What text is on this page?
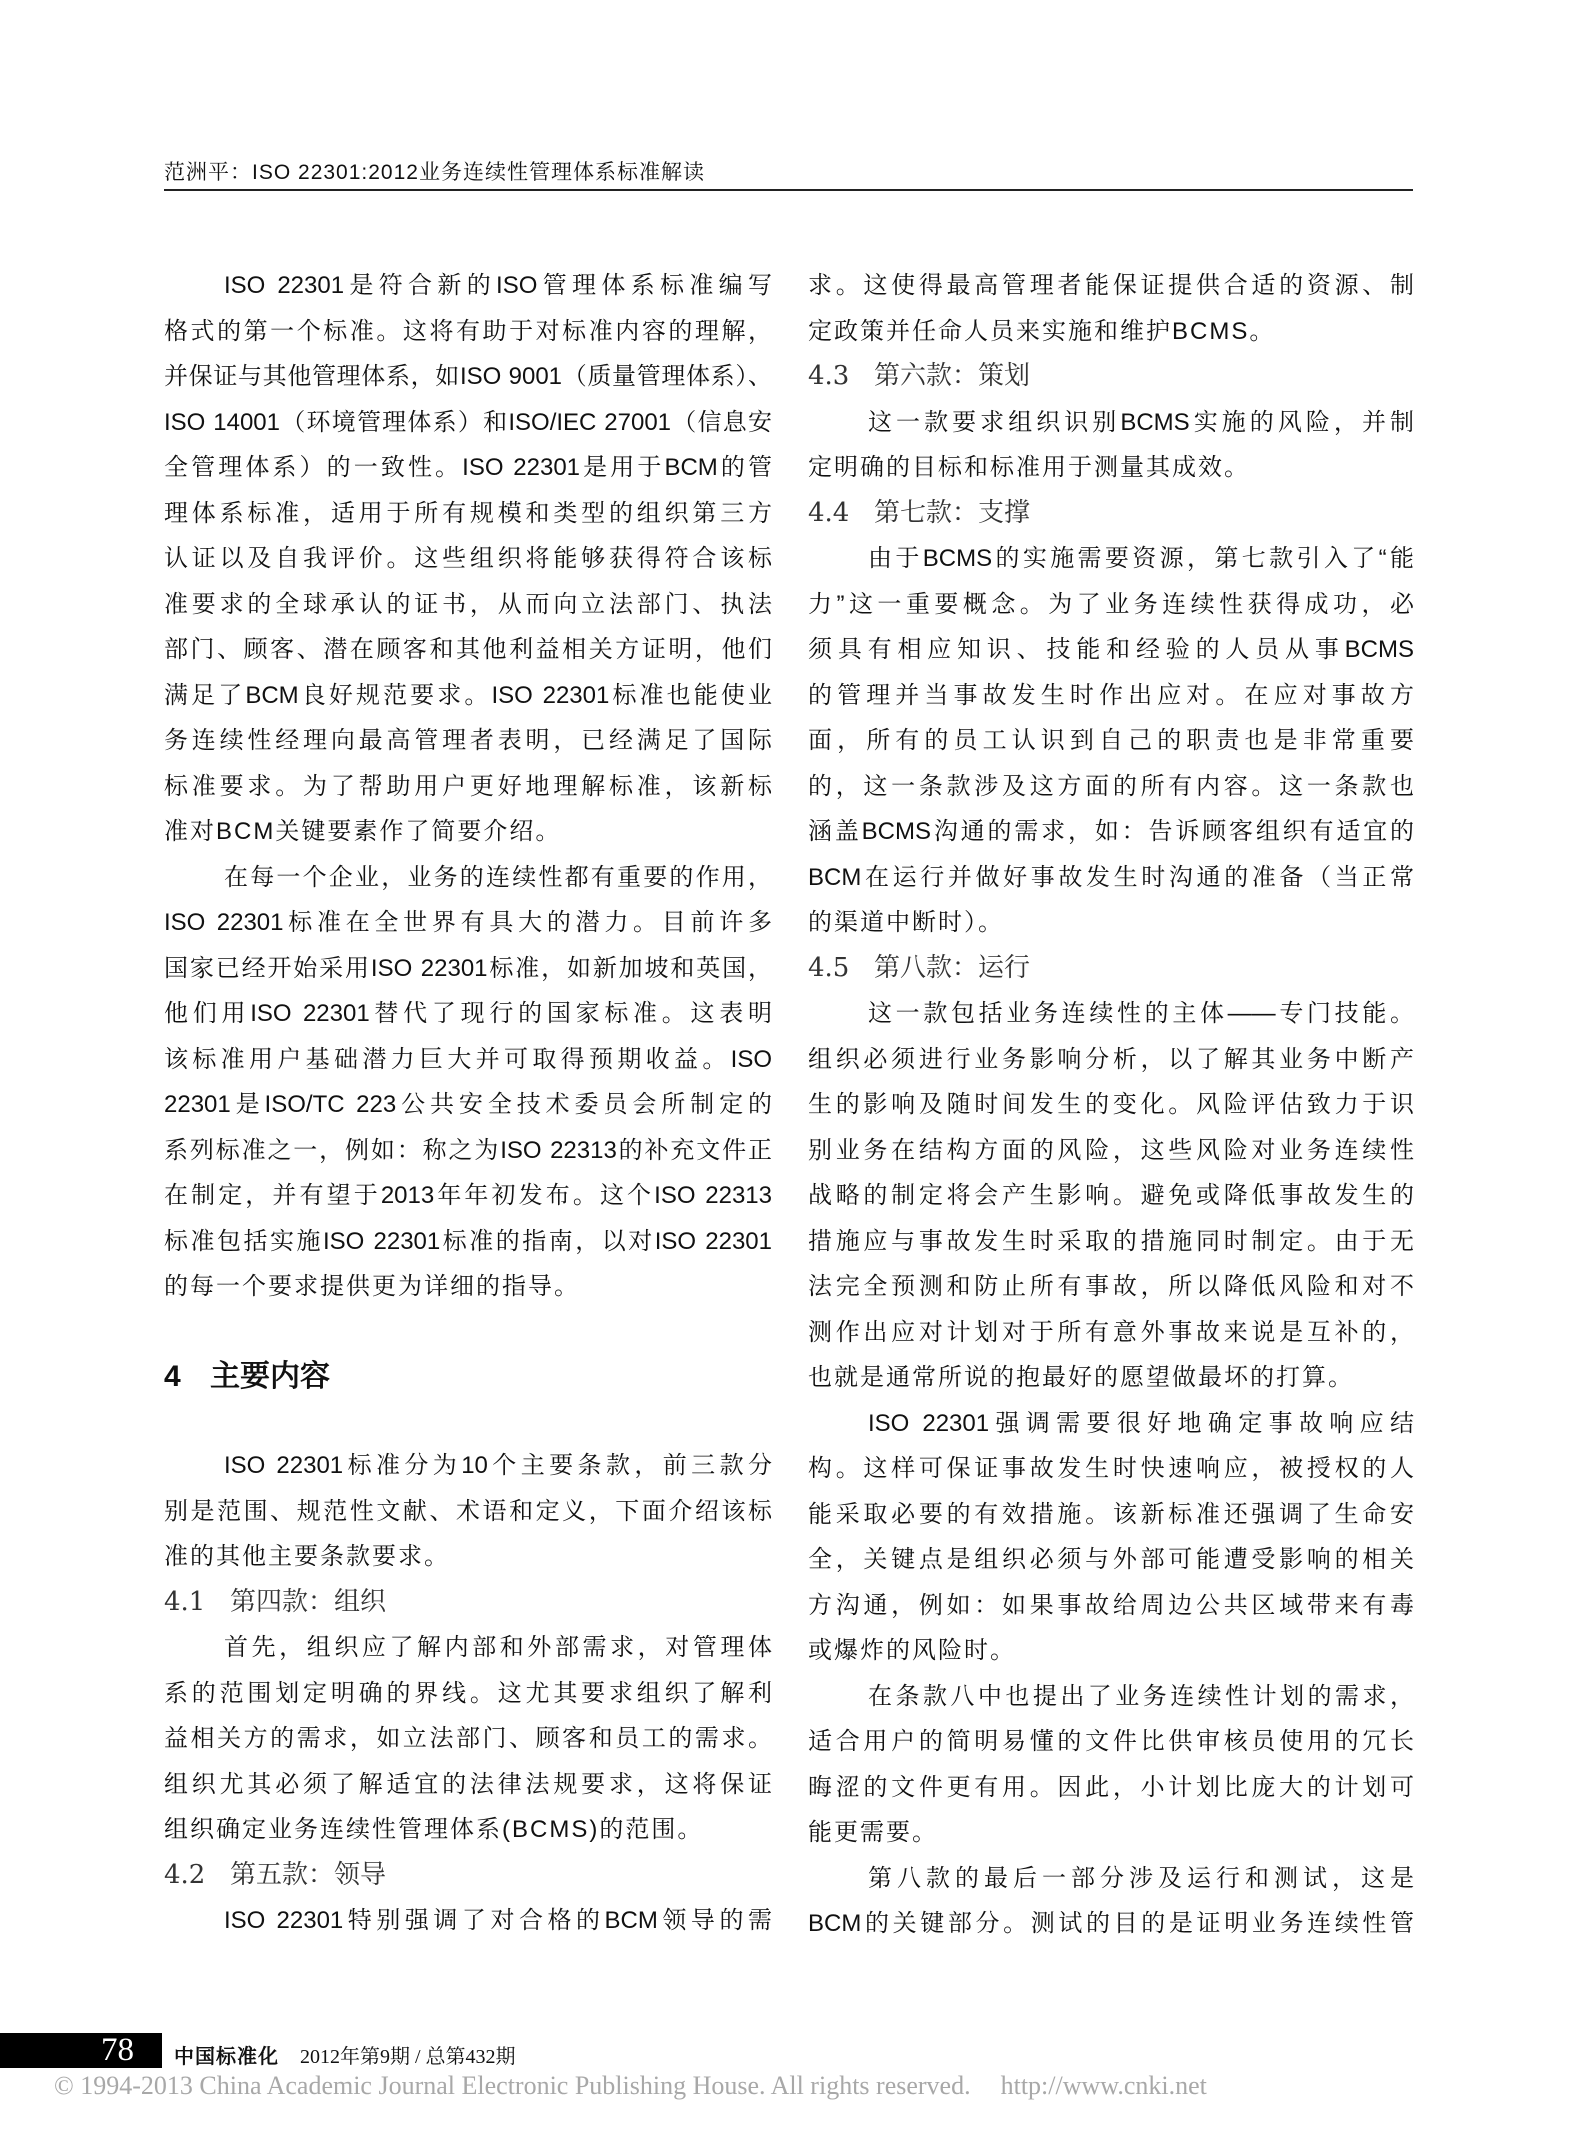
范洲平：ISO 22301:2012业务连续性管理体系标准解读
ISO 22301是符合新的ISO管理体系标准编写
格式的第一个标准。这将有助于对标准内容的理解，
并保证与其他管理体系，如ISO 9001（质量管理体系）、
ISO 14001（环境管理体系）和ISO/IEC 27001（信息安
全管理体系）的一致性。ISO 22301是用于BCM的管
理体系标准，适用于所有规模和类型的组织第三方
认证以及自我评价。这些组织将能够获得符合该标
准要求的全球承认的证书，从而向立法部门、执法
部门、顾客、潜在顾客和其他利益相关方证明，他们
满足了BCM良好规范要求。ISO 22301标准也能使业
务连续性经理向最高管理者表明，已经满足了国际
标准要求。为了帮助用户更好地理解标准，该新标
准对BCM关键要素作了简要介绍。
在每一个企业，业务的连续性都有重要的作用，
ISO 22301标准在全世界有具大的潜力。目前许多
国家已经开始采用ISO 22301标准，如新加坡和英国，
他们用ISO 22301替代了现行的国家标准。这表明
该标准用户基础潜力巨大并可取得预期收益。ISO
22301是ISO/TC 223公共安全技术委员会所制定的
系列标准之一，例如：称之为ISO 22313的补充文件正
在制定，并有望于2013年年初发布。这个ISO 22313
标准包括实施ISO 22301标准的指南，以对ISO 22301
的每一个要求提供更为详细的指导。
4 主要内容
ISO 22301标准分为10个主要条款，前三款分
别是范围、规范性文献、术语和定义，下面介绍该标
准的其他主要条款要求。
4.1 第四款：组织
首先，组织应了解内部和外部需求，对管理体
系的范围划定明确的界线。这尤其要求组织了解利
益相关方的需求，如立法部门、顾客和员工的需求。
组织尤其必须了解适宜的法律法规要求，这将保证
组织确定业务连续性管理体系(BCMS)的范围。
4.2 第五款：领导
ISO 22301特别强调了对合格的BCM领导的需
求。这使得最高管理者能保证提供合适的资源、制
定政策并任命人员来实施和维护BCMS。
4.3 第六款：策划
这一款要求组织识别BCMS实施的风险，并制
定明确的目标和标准用于测量其成效。
4.4 第七款：支撑
由于BCMS的实施需要资源，第七款引入了“能
力”这一重要概念。为了业务连续性获得成功，必
须具有相应知识、技能和经验的人员从事BCMS
的管理并当事故发生时作出应对。在应对事故方
面，所有的员工认识到自己的职责也是非常重要
的，这一条款涉及这方面的所有内容。这一条款也
涵盖BCMS沟通的需求，如：告诉顾客组织有适宜的
BCM在运行并做好事故发生时沟通的准备（当正常
的渠道中断时）。
4.5 第八款：运行
这一款包括业务连续性的主体——专门技能。
组织必须进行业务影响分析，以了解其业务中断产
生的影响及随时间发生的变化。风险评估致力于识
别业务在结构方面的风险，这些风险对业务连续性
战略的制定将会产生影响。避免或降低事故发生的
措施应与事故发生时采取的措施同时制定。由于无
法完全预测和防止所有事故，所以降低风险和对不
测作出应对计划对于所有意外事故来说是互补的，
也就是通常所说的抱最好的愿望做最坏的打算。
ISO 22301强调需要很好地确定事故响应结
构。这样可保证事故发生时快速响应，被授权的人
能采取必要的有效措施。该新标准还强调了生命安
全，关键点是组织必须与外部可能遭受影响的相关
方沟通，例如：如果事故给周边公共区域带来有毒
或爆炸的风险时。
在条款八中也提出了业务连续性计划的需求，
适合用户的简明易懂的文件比供审核员使用的冗长
晦涩的文件更有用。因此，小计划比庞大的计划可
能更需要。
第八款的最后一部分涉及运行和测试，这是
BCM的关键部分。测试的目的是证明业务连续性管
78 中国标准化 2012年第9期 / 总第432期
© 1994-2013 China Academic Journal Electronic Publishing House. All rights reserved. http://www.cnki.net
